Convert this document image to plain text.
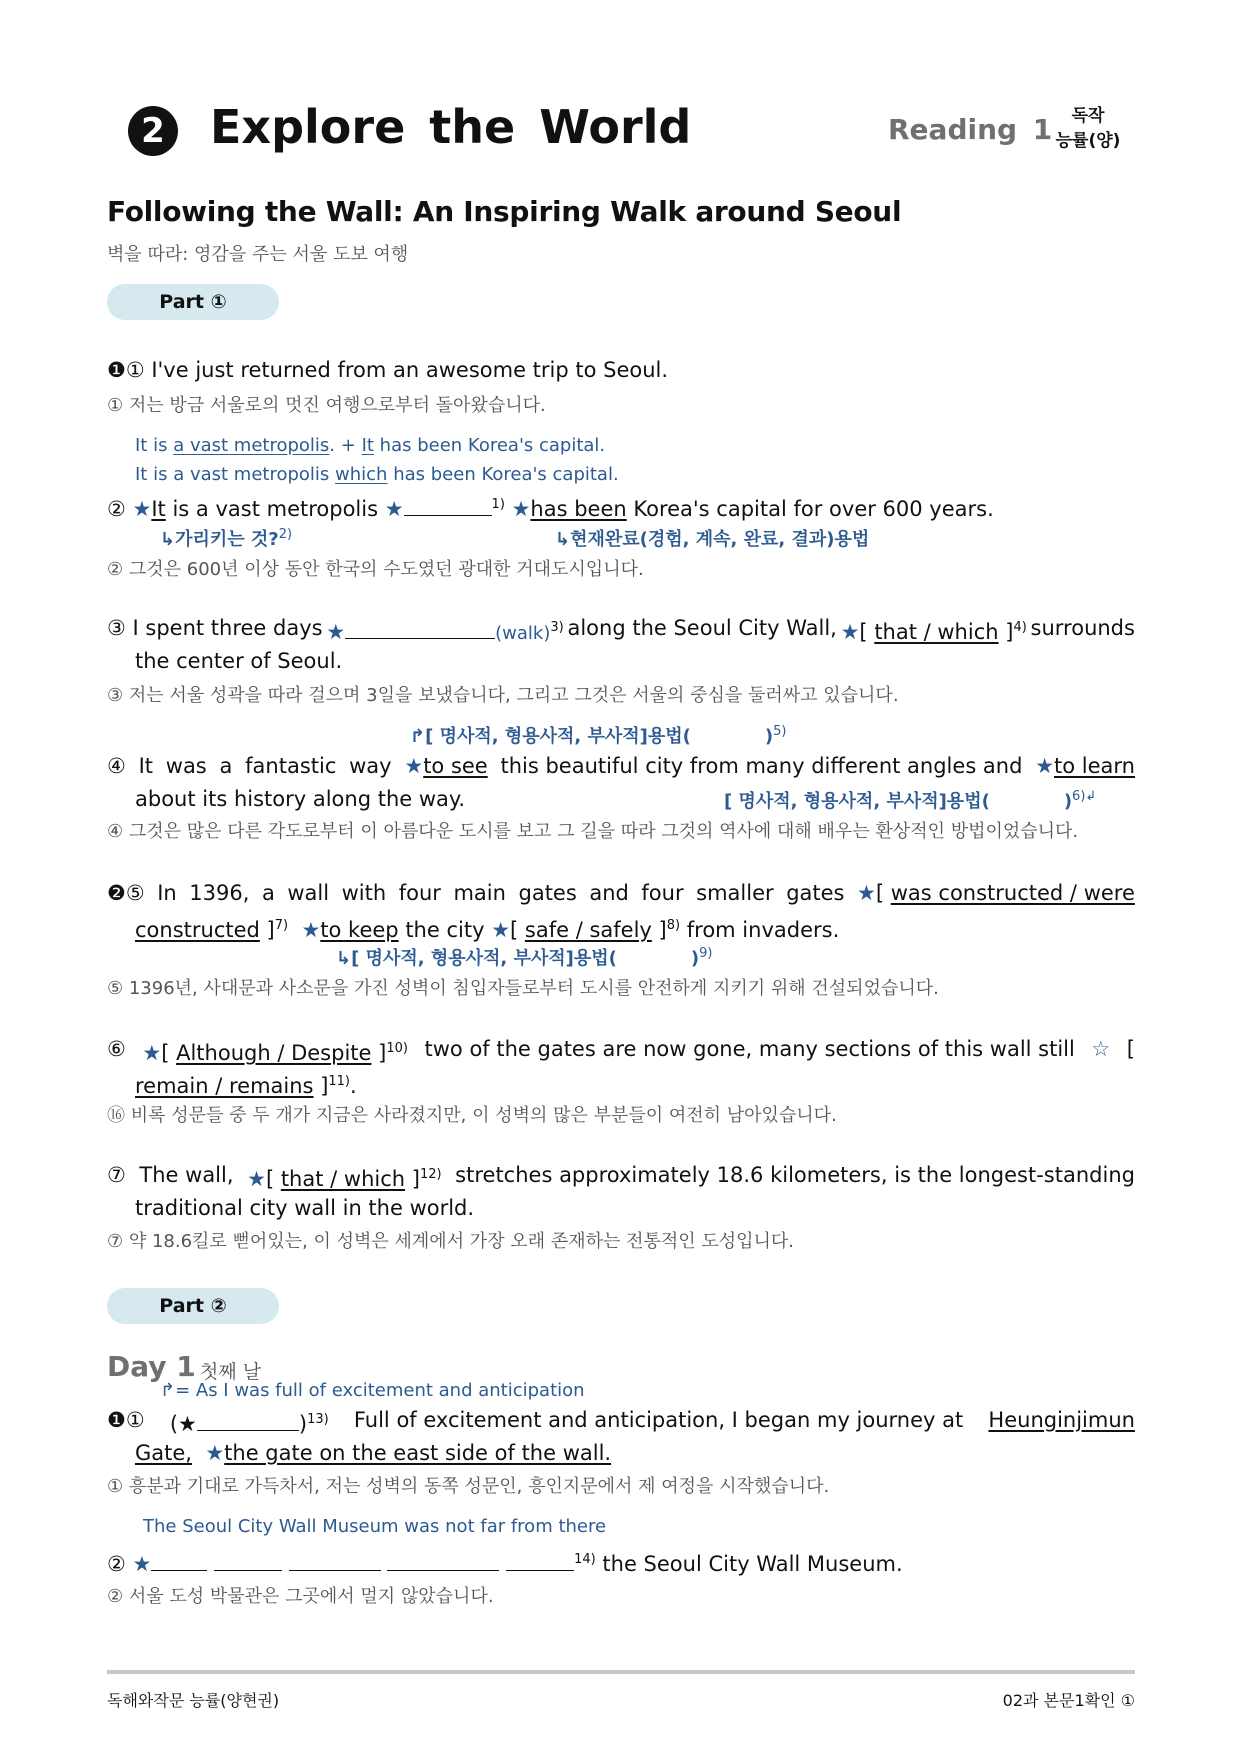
2 Explore the World	Reading 1	독작
능률(양)
Following the Wall: An Inspiring Walk around Seoul
벽을 따라: 영감을 주는 서울 도보 여행
Part ①
❶① I've just returned from an awesome trip to Seoul.
① 저는 방금 서울로의 멋진 여행으로부터 돌아왔습니다.
It is a vast metropolis. + It has been Korea's capital.
It is a vast metropolis which has been Korea's capital.
② ★It is a vast metropolis ★	$^{1)}$ ★has been Korea's capital for over 600 years.
↳가리키는 것?$^{2)}$	↳현재완료(경험, 계속, 완료, 결과)용법
② 그것은 600년 이상 동안 한국의 수도였던 광대한 거대도시입니다.
③ I spent three days ★	(walk)$^{3)}$ along the Seoul City Wall, ★[ that / which ]$^{4)}$ surrounds
the center of Seoul.
③ 저는 서울 성곽을 따라 걸으며 3일을 보냈습니다, 그리고 그것은 서울의 중심을 둘러싸고 있습니다.
↱[ 명사적, 형용사적, 부사적]용법(	)$^{5)}$
④ It was a fantastic way ★to see this beautiful city from many different angles and ★to learn
about its history along the way.	[ 명사적, 형용사적, 부사적]용법(	)$^{6)↲}$
④ 그것은 많은 다른 각도로부터 이 아름다운 도시를 보고 그 길을 따라 그것의 역사에 대해 배우는 환상적인 방법이었습니다.
❷⑤ In 1396, a wall with four main gates and four smaller gates ★[ was constructed / were
constructed ]$^{7)}$ ★to keep the city ★[ safe / safely ]$^{8)}$ from invaders.
↳[ 명사적, 형용사적, 부사적]용법(	)$^{9)}$
⑤ 1396년, 사대문과 사소문을 가진 성벽이 침입자들로부터 도시를 안전하게 지키기 위해 건설되었습니다.
⑥ ★[ Although / Despite ]$^{10)}$ two of the gates are now gone, many sections of this wall still ☆ [
remain / remains ]$^{11)}$.
⑯ 비록 성문들 중 두 개가 지금은 사라졌지만, 이 성벽의 많은 부분들이 여전히 남아있습니다.
⑦ The wall, ★[ that / which ]$^{12)}$ stretches approximately 18.6 kilometers, is the longest-standing
traditional city wall in the world.
⑦ 약 18.6킬로 뻗어있는, 이 성벽은 세계에서 가장 오래 존재하는 전통적인 도성입니다.
Part ②
Day 1 첫째 날
↱= As I was full of excitement and anticipation
❶① (★	)$^{13)}$ Full of excitement and anticipation, I began my journey at Heunginjimun
Gate, ★the gate on the east side of the wall.
① 흥분과 기대로 가득차서, 저는 성벽의 동쪽 성문인, 흥인지문에서 제 여정을 시작했습니다.
The Seoul City Wall Museum was not far from there
② ★	$^{14)}$ the Seoul City Wall Museum.
② 서울 도성 박물관은 그곳에서 멀지 않았습니다.
독해와작문 능률(양현권)	02과 본문1확인 ①
